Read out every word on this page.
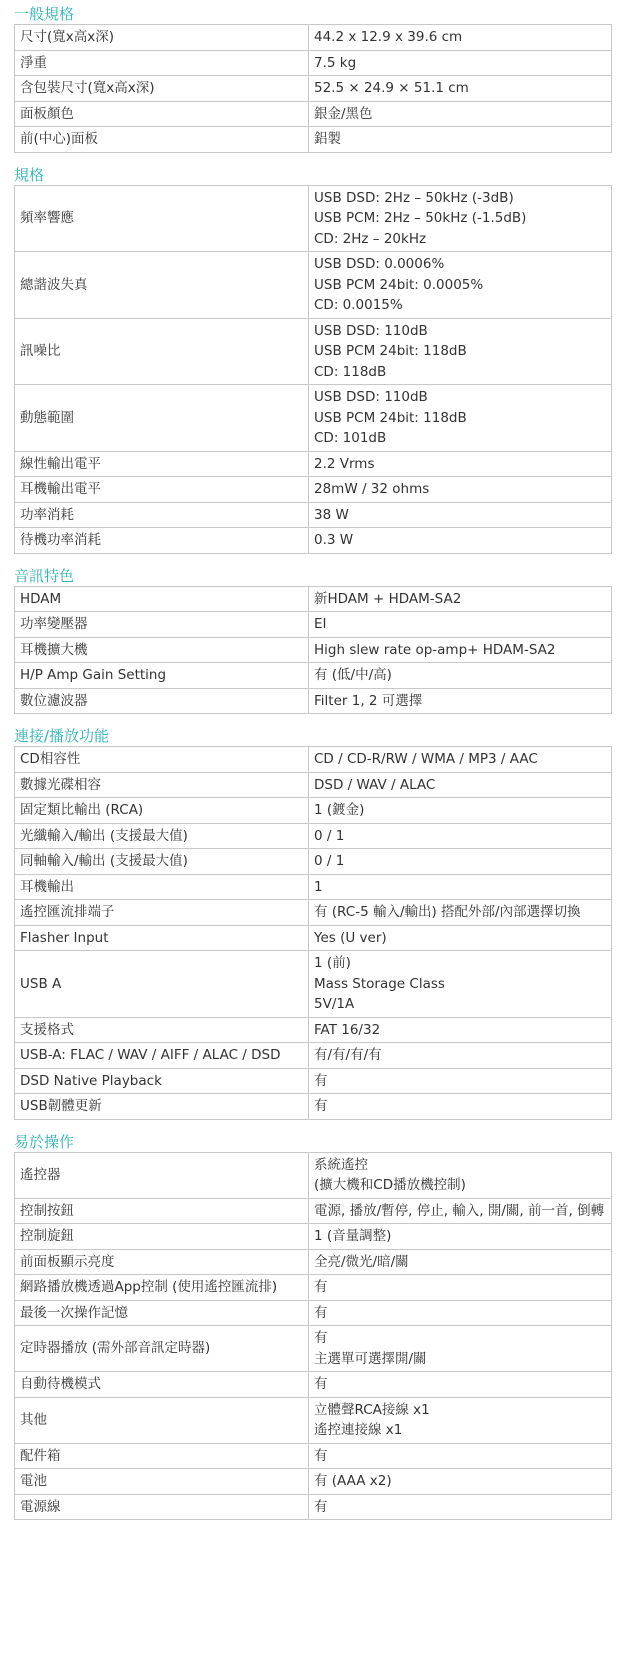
一般規格
尺寸(寬x高x深)	44.2 x 12.9 x 39.6 cm

淨重	7.5 kg

含包裝尺寸(寬x高x深)	52.5 × 24.9 × 51.1 cm

面板顏色	銀金/黑色

前(中心)面板	鋁製
規格
頻率響應	USB DSD: 2Hz – 50kHz (-3dB)
USB PCM: 2Hz – 50kHz (-1.5dB)
CD: 2Hz – 20kHz

總諧波失真	USB DSD: 0.0006%
USB PCM 24bit: 0.0005%
CD: 0.0015%

訊噪比	USB DSD: 110dB
USB PCM 24bit: 118dB
CD: 118dB

動態範圍	USB DSD: 110dB
USB PCM 24bit: 118dB
CD: 101dB

線性輸出電平	2.2 Vrms

耳機輸出電平	28mW / 32 ohms

功率消耗	38 W

待機功率消耗	0.3 W
音訊特色
HDAM	新HDAM + HDAM-SA2

功率變壓器	EI

耳機擴大機	High slew rate op-amp+ HDAM-SA2

H/P Amp Gain Setting	有 (低/中/高)

數位濾波器	Filter 1, 2 可選擇
連接/播放功能
CD相容性	CD / CD-R/RW / WMA / MP3 / AAC

數據光碟相容	DSD / WAV / ALAC

固定類比輸出 (RCA)	1 (鍍金)

光纖輸入/輸出 (支援最大值)	0 / 1

同軸輸入/輸出 (支援最大值)	0 / 1

耳機輸出	1

遙控匯流排端子	有 (RC-5 輸入/輸出) 搭配外部/內部選擇切換

Flasher Input	Yes (U ver)

USB A	1 (前)
Mass Storage Class
5V/1A

支援格式	FAT 16/32

USB-A: FLAC / WAV / AIFF / ALAC / DSD	有/有/有/有

DSD Native Playback	有

USB韌體更新	有
易於操作
遙控器	系統遙控
(擴大機和CD播放機控制)

控制按鈕	電源, 播放/暫停, 停止, 輸入, 開/關, 前一首, 倒轉

控制旋鈕	1 (音量調整)

前面板顯示亮度	全亮/微光/暗/關

網路播放機透過App控制 (使用遙控匯流排)	有

最後一次操作記憶	有

定時器播放 (需外部音訊定時器)	有
主選單可選擇開/關

自動待機模式	有

其他	立體聲RCA接線 x1
遙控連接線 x1

配件箱	有

電池	有 (AAA x2)

電源線	有
